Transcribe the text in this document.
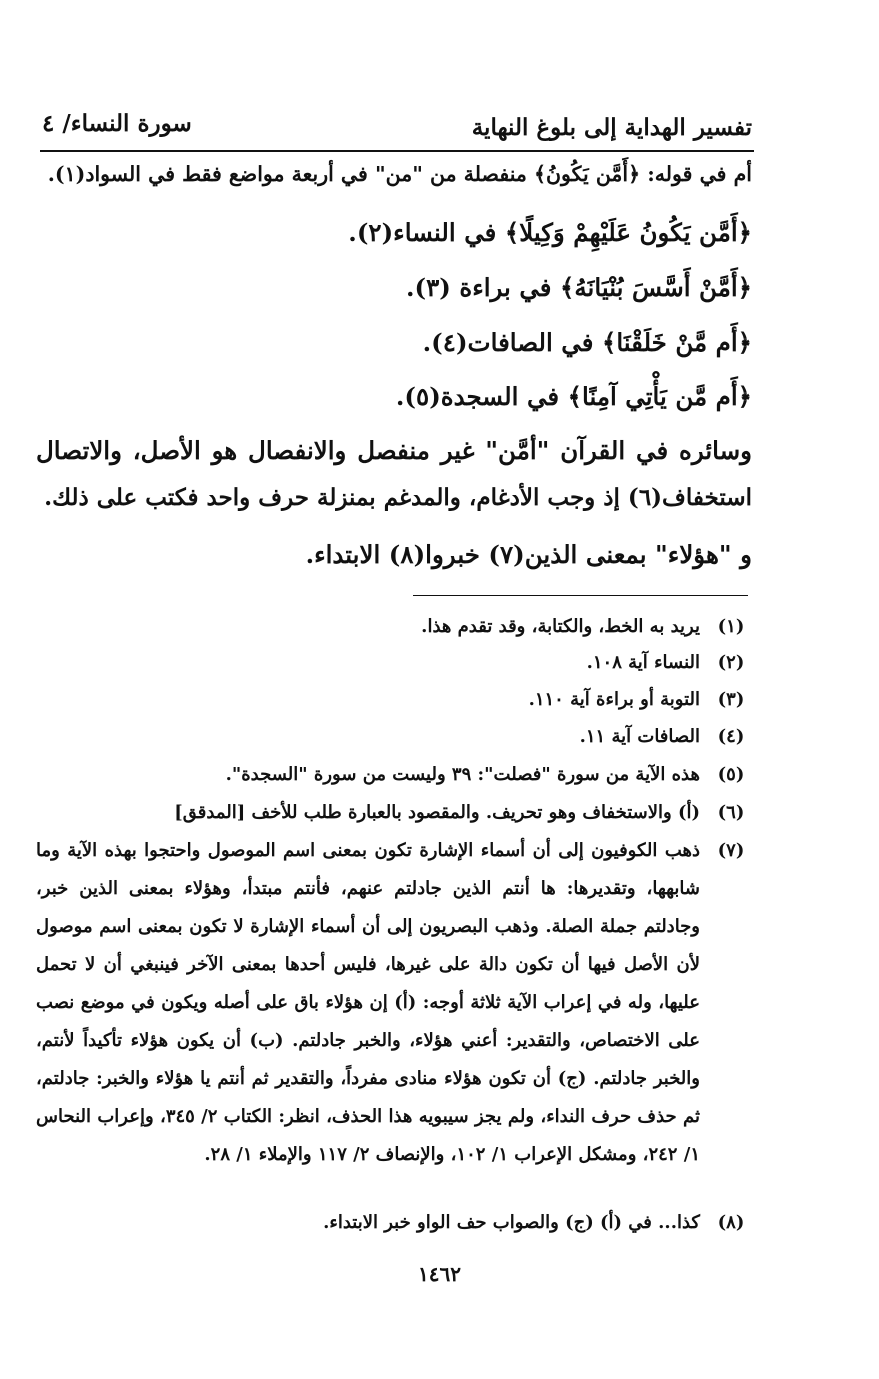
تفسير الهداية إلى بلوغ النهاية
سورة النساء/ ٤
أم في قوله: ﴿أَمَّن يَكُونُ﴾ منفصلة من "من" في أربعة مواضع فقط في السواد(١).
﴿أَمَّن يَكُونُ عَلَيْهِمْ وَكِيلًا﴾ في النساء(٢).
﴿أَمَّنْ أَسَّسَ بُنْيَانَهُ﴾ في براءة (٣).
﴿أَم مَّنْ خَلَقْنَا﴾ في الصافات(٤).
﴿أَم مَّن يَأْتِي آمِنًا﴾ في السجدة(٥).
وسائره في القرآن "أمَّن" غير منفصل والانفصال هو الأصل، والاتصال
استخفاف(٦) إذ وجب الأدغام، والمدغم بمنزلة حرف واحد فكتب على ذلك.
و "هؤلاء" بمعنى الذين(٧) خبروا(٨) الابتداء.
(١)
يريد به الخط، والكتابة، وقد تقدم هذا.
(٢)
النساء آية ١٠٨.
(٣)
التوبة أو براءة آية ١١٠.
(٤)
الصافات آية ١١.
(٥)
هذه الآية من سورة "فصلت": ٣٩ وليست من سورة "السجدة".
(٦)
(أ) والاستخفاف وهو تحريف. والمقصود بالعبارة طلب للأخف [المدقق]
(٧)
ذهب الكوفيون إلى أن أسماء الإشارة تكون بمعنى اسم الموصول واحتجوا بهذه الآية وما
شابهها، وتقديرها: ها أنتم الذين جادلتم عنهم، فأنتم مبتدأ، وهؤلاء بمعنى الذين خبر،
وجادلتم جملة الصلة. وذهب البصريون إلى أن أسماء الإشارة لا تكون بمعنى اسم موصول
لأن الأصل فيها أن تكون دالة على غيرها، فليس أحدها بمعنى الآخر فينبغي أن لا تحمل
عليها، وله في إعراب الآية ثلاثة أوجه: (أ) إن هؤلاء باق على أصله ويكون في موضع نصب
على الاختصاص، والتقدير: أعني هؤلاء، والخبر جادلتم. (ب) أن يكون هؤلاء تأكيداً لأنتم،
والخبر جادلتم. (ج) أن تكون هؤلاء منادى مفرداً، والتقدير ثم أنتم يا هؤلاء والخبر: جادلتم،
ثم حذف حرف النداء، ولم يجز سيبويه هذا الحذف، انظر: الكتاب ٢/ ٣٤٥، وإعراب النحاس
١/ ٢٤٢، ومشكل الإعراب ١/ ١٠٢، والإنصاف ٢/ ١١٧ والإملاء ١/ ٢٨.
(٨)
كذا... في (أ) (ج) والصواب حف الواو خبر الابتداء.
١٤٦٢
